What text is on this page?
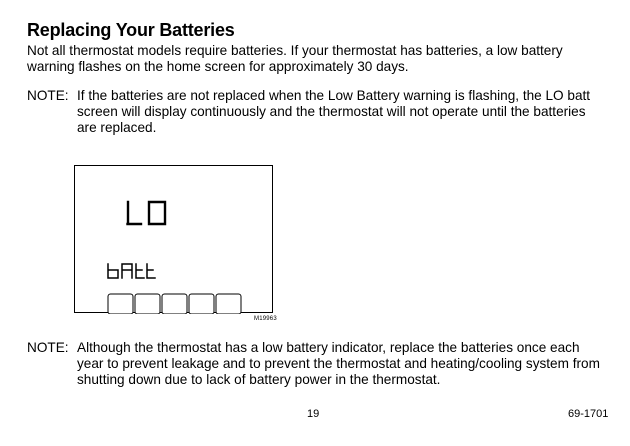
Replacing Your Batteries
Not all thermostat models require batteries. If your thermostat has batteries, a low battery warning flashes on the home screen for approximately 30 days.
NOTE: If the batteries are not replaced when the Low Battery warning is flashing, the LO batt screen will display continuously and the thermostat will not operate until the batteries are replaced.
M19963
NOTE: Although the thermostat has a low battery indicator, replace the batteries once each year to prevent leakage and to prevent the thermostat and heating/cooling system from shutting down due to lack of battery power in the thermostat.
19	69-1701
